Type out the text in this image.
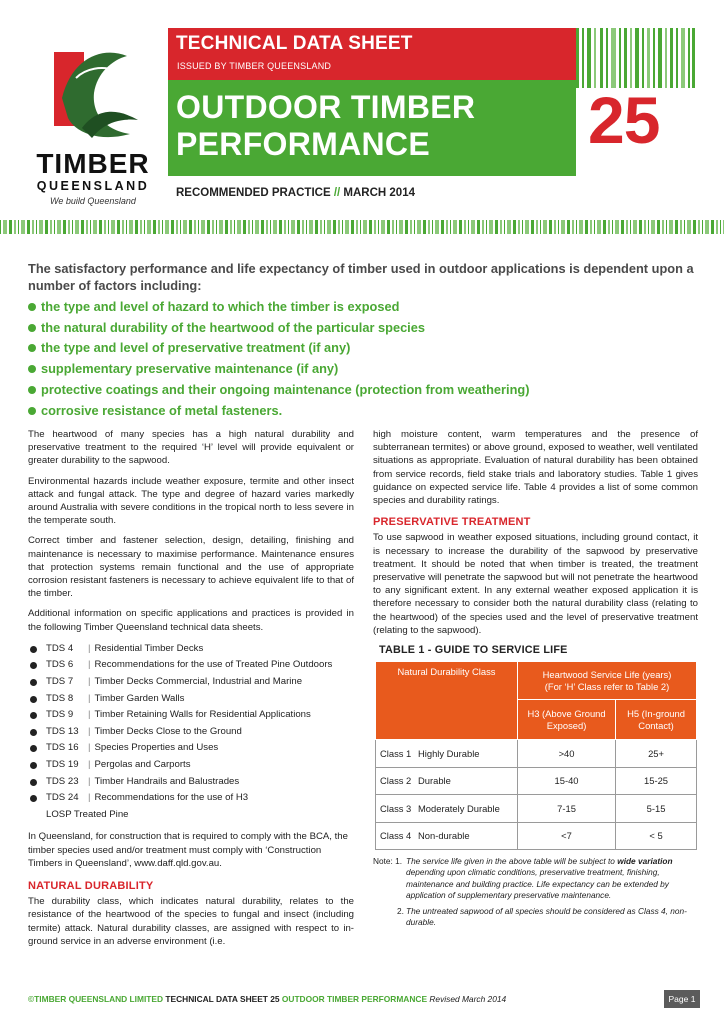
TIMBER
QUEENSLAND
We build Queensland
TECHNICAL DATA SHEET
ISSUED BY TIMBER QUEENSLAND
OUTDOOR TIMBER PERFORMANCE	25
RECOMMENDED PRACTICE // MARCH 2014
The satisfactory performance and life expectancy of timber used in outdoor applications is dependent upon a number of factors including:
the type and level of hazard to which the timber is exposed
the natural durability of the heartwood of the particular species
the type and level of preservative treatment (if any)
supplementary preservative maintenance (if any)
protective coatings and their ongoing maintenance (protection from weathering)
corrosive resistance of metal fasteners.

The heartwood of many species has a high natural durability and preservative treatment to the required ‘H’ level will provide equivalent or greater durability to the sapwood.

Environmental hazards include weather exposure, termite and other insect attack and fungal attack. The type and degree of hazard varies markedly around Australia with severe conditions in the tropical north to less severe in the temperate south.

Correct timber and fastener selection, design, detailing, finishing and maintenance is necessary to maximise performance. Maintenance ensures that protection systems remain functional and the use of appropriate corrosion resistant fasteners is necessary to achieve equivalent life to that of the timber.

Additional information on specific applications and practices is provided in the following Timber Queensland technical data sheets.

TDS 4 | Residential Timber Decks
TDS 6 | Recommendations for the use of Treated Pine Outdoors
TDS 7 | Timber Decks Commercial, Industrial and Marine
TDS 8 | Timber Garden Walls
TDS 9 | Timber Retaining Walls for Residential Applications
TDS 13 | Timber Decks Close to the Ground
TDS 16 | Species Properties and Uses
TDS 19 | Pergolas and Carports
TDS 23 | Timber Handrails and Balustrades
TDS 24 | Recommendations for the use of H3 LOSP Treated Pine

In Queensland, for construction that is required to comply with the BCA, the timber species used and/or treatment must comply with ‘Construction Timbers in Queensland’, www.daff.qld.gov.au.

NATURAL DURABILITY

The durability class, which indicates natural durability, relates to the resistance of the heartwood of the species to fungal and insect (including termite) attack. Natural durability classes, are assigned with respect to in-ground service in an adverse environment (i.e.

high moisture content, warm temperatures and the presence of subterranean termites) or above ground, exposed to weather, well ventilated situations as appropriate. Evaluation of natural durability has been obtained from service records, field stake trials and laboratory studies. Table 1 gives guidance on expected service life. Table 4 provides a list of some common species and durability ratings.

PRESERVATIVE TREATMENT

To use sapwood in weather exposed situations, including ground contact, it is necessary to increase the durability of the sapwood by preservative treatment. It should be noted that when timber is treated, the treatment preservative will penetrate the sapwood but will not penetrate the heartwood to any significant extent. In any external weather exposed application it is therefore necessary to consider both the natural durability class (relating to the heartwood) of the species used and the level of preservative treatment (relating to the sapwood).

TABLE 1 - GUIDE TO SERVICE LIFE
Natural Durability Class	Heartwood Service Life (years)
(For ‘H’ Class refer to Table 2)	

	H3 (Above Ground Exposed)	H5 (In-ground Contact)
Class 1 Highly Durable	>40	25+
Class 2 Durable	15-40	15-25
Class 3 Moderately Durable	7-15	5-15
Class 4 Non-durable	<7	< 5
Note: 1. The service life given in the above table will be subject to wide variation depending upon climatic conditions, preservative treatment, finishing, maintenance and building practice. Life expectancy can be extended by application of supplementary preservative maintenance.
2. The untreated sapwood of all species should be considered as Class 4, non-durable.
©TIMBER QUEENSLAND LIMITED TECHNICAL DATA SHEET 25 OUTDOOR TIMBER PERFORMANCE Revised March 2014	Page 1
